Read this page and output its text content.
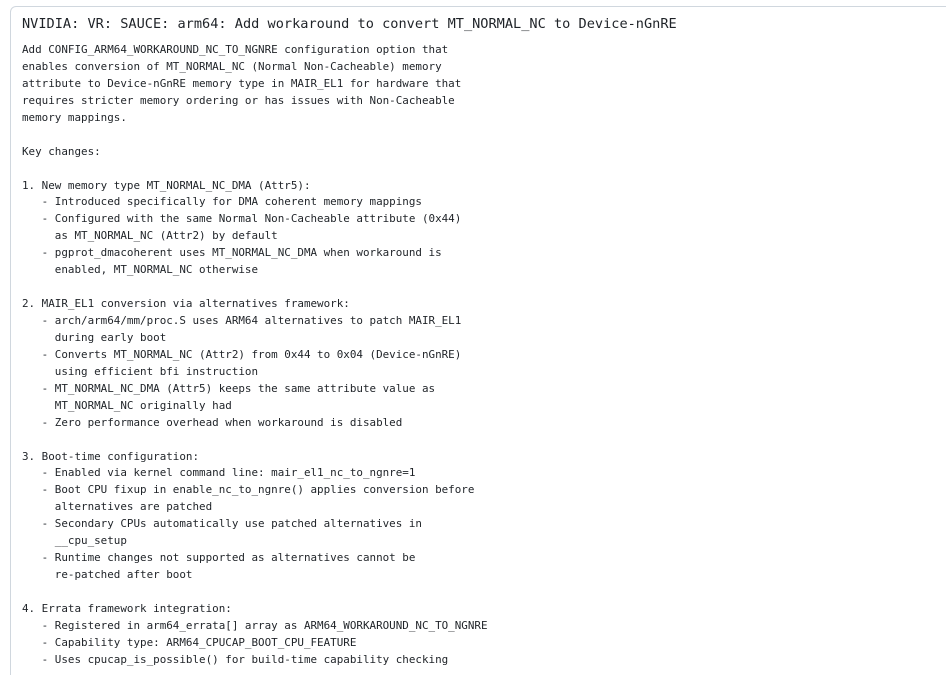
NVIDIA: VR: SAUCE: arm64: Add workaround to convert MT_NORMAL_NC to Device-nGnRE
Add CONFIG_ARM64_WORKAROUND_NC_TO_NGNRE configuration option that
enables conversion of MT_NORMAL_NC (Normal Non-Cacheable) memory
attribute to Device-nGnRE memory type in MAIR_EL1 for hardware that
requires stricter memory ordering or has issues with Non-Cacheable
memory mappings.
Key changes:
1. New memory type MT_NORMAL_NC_DMA (Attr5):
- Introduced specifically for DMA coherent memory mappings
- Configured with the same Normal Non-Cacheable attribute (0x44)
as MT_NORMAL_NC (Attr2) by default
- pgprot_dmacoherent uses MT_NORMAL_NC_DMA when workaround is
enabled, MT_NORMAL_NC otherwise
2. MAIR_EL1 conversion via alternatives framework:
- arch/arm64/mm/proc.S uses ARM64 alternatives to patch MAIR_EL1
during early boot
- Converts MT_NORMAL_NC (Attr2) from 0x44 to 0x04 (Device-nGnRE)
using efficient bfi instruction
- MT_NORMAL_NC_DMA (Attr5) keeps the same attribute value as
MT_NORMAL_NC originally had
- Zero performance overhead when workaround is disabled
3. Boot-time configuration:
- Enabled via kernel command line: mair_el1_nc_to_ngnre=1
- Boot CPU fixup in enable_nc_to_ngnre() applies conversion before
alternatives are patched
- Secondary CPUs automatically use patched alternatives in
__cpu_setup
- Runtime changes not supported as alternatives cannot be
re-patched after boot
4. Errata framework integration:
- Registered in arm64_errata[] array as ARM64_WORKAROUND_NC_TO_NGNRE
- Capability type: ARM64_CPUCAP_BOOT_CPU_FEATURE
- Uses cpucap_is_possible() for build-time capability checking
